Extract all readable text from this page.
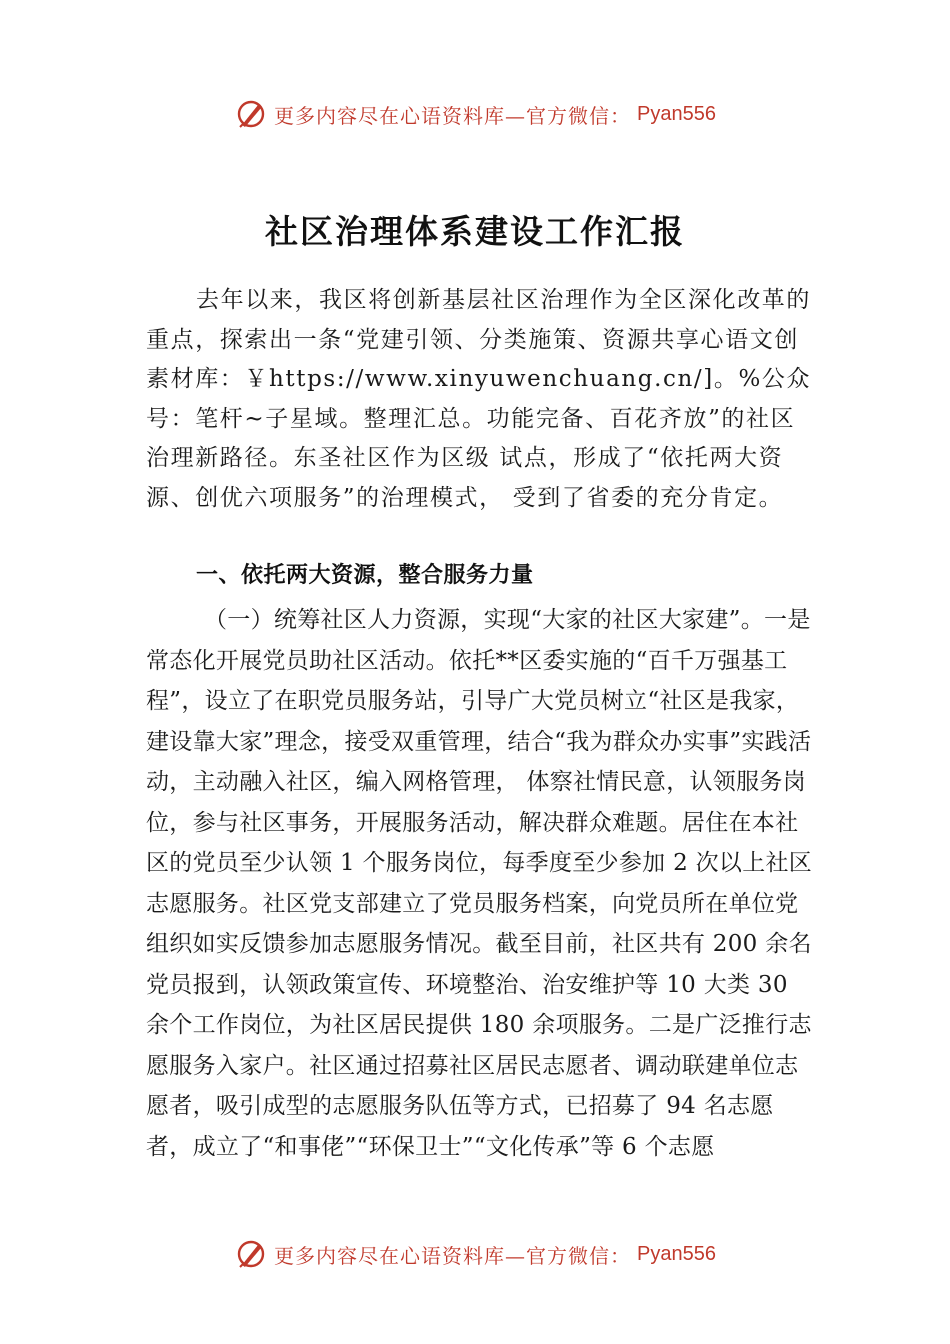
更多内容尽在心语资料库—官方微信： Pyan556
社区治理体系建设工作汇报

去年以来，我区将创新基层社区治理作为全区深化改革的重点，探索出一条“党建引领、分类施策、资源共享心语文创素材库：￥https://www.xinyuwenchuang.cn/]。%公众号：笔杆~子星域。整理汇总。功能完备、百花齐放”的社区治理新路径。东圣社区作为区级 试点，形成了“依托两大资源、创优六项服务”的治理模式， 受到了省委的充分肯定。

一、依托两大资源，整合服务力量

（一）统筹社区人力资源，实现“大家的社区大家建”。一是常态化开展党员助社区活动。依托**区委实施的“百千万强基工程”，设立了在职党员服务站，引导广大党员树立“社区是我家，建设靠大家”理念，接受双重管理，结合“我为群众办实事”实践活动，主动融入社区，编入网格管理， 体察社情民意，认领服务岗位，参与社区事务，开展服务活动，解决群众难题。居住在本社区的党员至少认领 1 个服务岗位，每季度至少参加 2 次以上社区志愿服务。社区党支部建立了党员服务档案，向党员所在单位党组织如实反馈参加志愿服务情况。截至目前，社区共有 200 余名党员报到，认领政策宣传、环境整治、治安维护等 10 大类 30 余个工作岗位，为社区居民提供 180 余项服务。二是广泛推行志愿服务入家户。社区通过招募社区居民志愿者、调动联建单位志愿者，吸引成型的志愿服务队伍等方式，已招募了 94 名志愿者，成立了“和事佬”“环保卫士”“文化传承”等 6 个志愿

更多内容尽在心语资料库—官方微信： Pyan556
